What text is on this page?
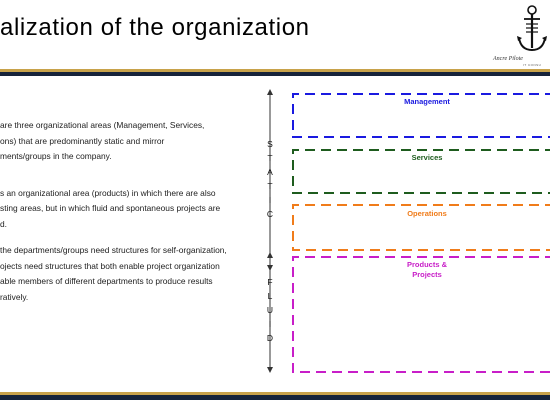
alization of the organization
Ancre Pilote
IT CONSU

are three organizational areas (Management, Services,
ons) that are predominantly static and mirror
ments/groups in the company.

s an organizational area (products) in which there are also
sting areas, but in which fluid and spontaneous projects are
d.

the departments/groups need structures for self-organization,
ojects need structures that both enable project organization
able members of different departments to produce results
ratively.

S
T
A
T
I
C
F
L
U
I
D
Management
Services
Operations
Products &
Projects
